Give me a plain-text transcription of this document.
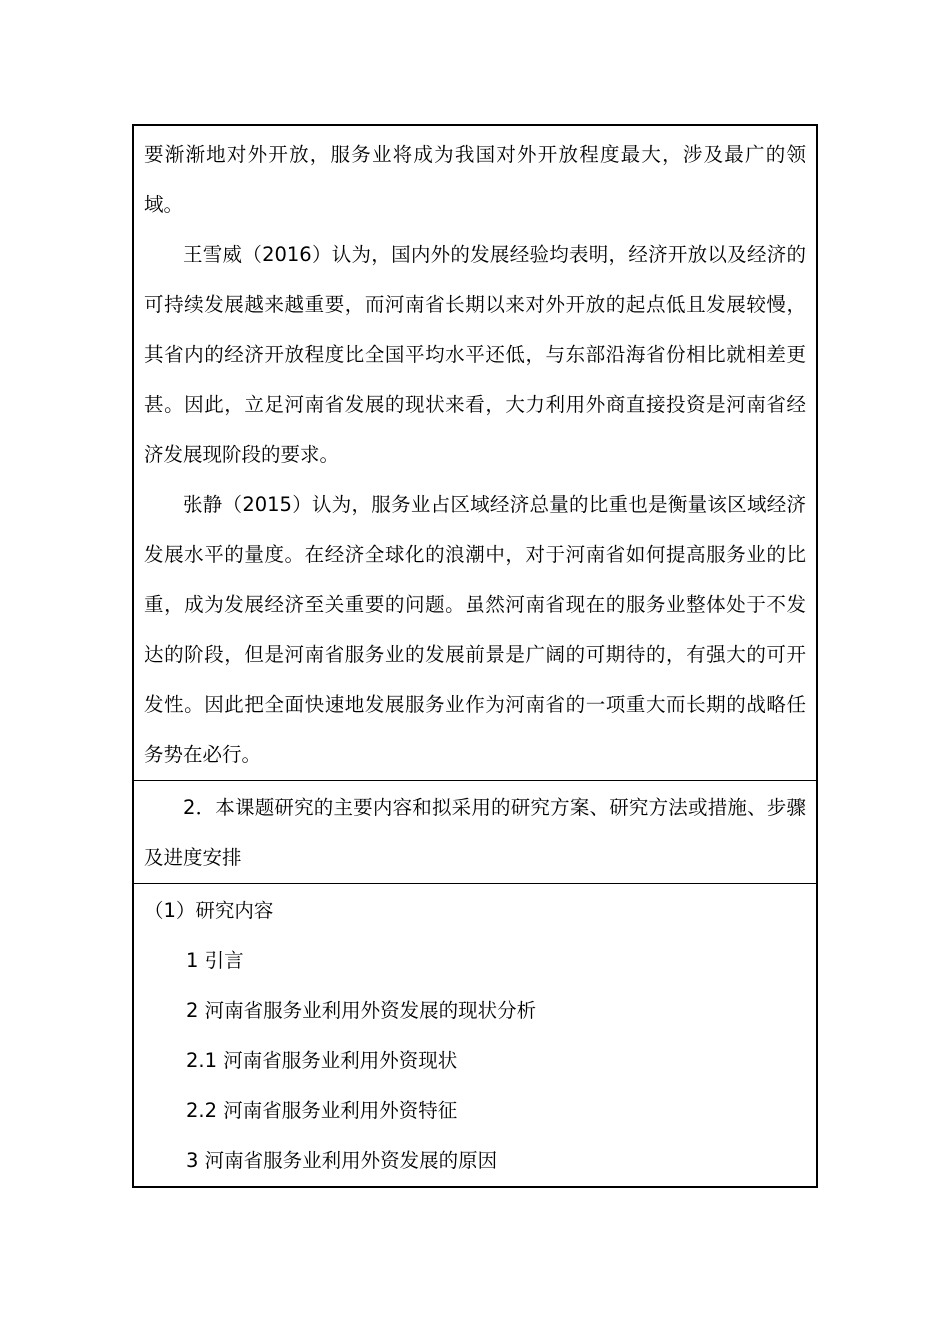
要渐渐地对外开放，服务业将成为我国对外开放程度最大，涉及最广的领域。

王雪威（2016）认为，国内外的发展经验均表明，经济开放以及经济的可持续发展越来越重要，而河南省长期以来对外开放的起点低且发展较慢，其省内的经济开放程度比全国平均水平还低，与东部沿海省份相比就相差更甚。因此，立足河南省发展的现状来看，大力利用外商直接投资是河南省经济发展现阶段的要求。

张静（2015）认为，服务业占区域经济总量的比重也是衡量该区域经济发展水平的量度。在经济全球化的浪潮中，对于河南省如何提高服务业的比重，成为发展经济至关重要的问题。虽然河南省现在的服务业整体处于不发达的阶段，但是河南省服务业的发展前景是广阔的可期待的，有强大的可开发性。因此把全面快速地发展服务业作为河南省的一项重大而长期的战略任务势在必行。

2．本课题研究的主要内容和拟采用的研究方案、研究方法或措施、步骤及进度安排

（1）研究内容

1 引言

2 河南省服务业利用外资发展的现状分析

2.1 河南省服务业利用外资现状

2.2 河南省服务业利用外资特征

3 河南省服务业利用外资发展的原因
